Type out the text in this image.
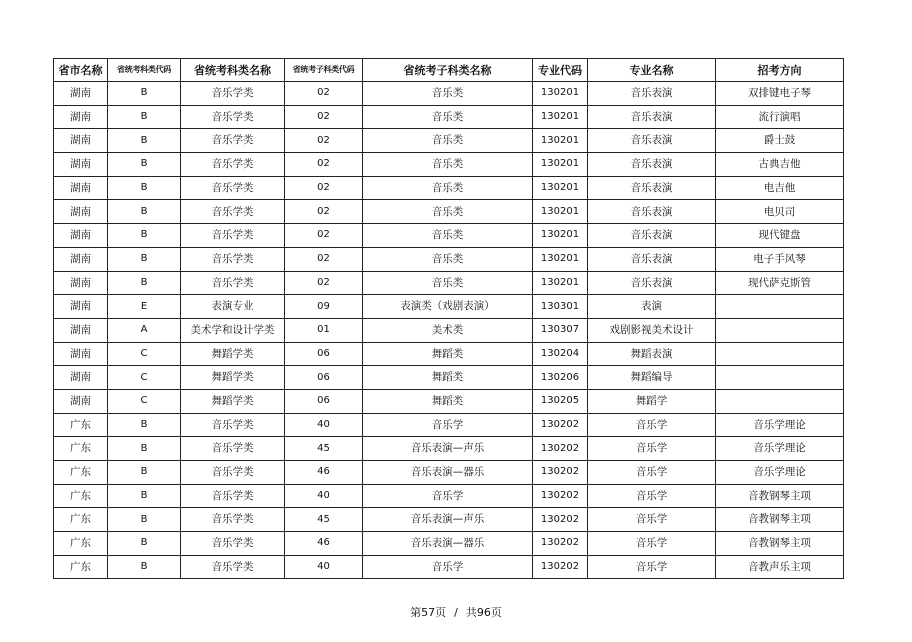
省市名称	省统考科类代码	省统考科类名称	省统考子科类代码	省统考子科类名称	专业代码	专业名称	招考方向
湖南	B	音乐学类	02	音乐类	130201	音乐表演	双排键电子琴
湖南	B	音乐学类	02	音乐类	130201	音乐表演	流行演唱
湖南	B	音乐学类	02	音乐类	130201	音乐表演	爵士鼓
湖南	B	音乐学类	02	音乐类	130201	音乐表演	古典吉他
湖南	B	音乐学类	02	音乐类	130201	音乐表演	电吉他
湖南	B	音乐学类	02	音乐类	130201	音乐表演	电贝司
湖南	B	音乐学类	02	音乐类	130201	音乐表演	现代键盘
湖南	B	音乐学类	02	音乐类	130201	音乐表演	电子手风琴
湖南	B	音乐学类	02	音乐类	130201	音乐表演	现代萨克斯管
湖南	E	表演专业	09	表演类（戏剧表演）	130301	表演	
湖南	A	美术学和设计学类	01	美术类	130307	戏剧影视美术设计	
湖南	C	舞蹈学类	06	舞蹈类	130204	舞蹈表演	
湖南	C	舞蹈学类	06	舞蹈类	130206	舞蹈编导	
湖南	C	舞蹈学类	06	舞蹈类	130205	舞蹈学	
广东	B	音乐学类	40	音乐学	130202	音乐学	音乐学理论
广东	B	音乐学类	45	音乐表演—声乐	130202	音乐学	音乐学理论
广东	B	音乐学类	46	音乐表演—器乐	130202	音乐学	音乐学理论
广东	B	音乐学类	40	音乐学	130202	音乐学	音教钢琴主项
广东	B	音乐学类	45	音乐表演—声乐	130202	音乐学	音教钢琴主项
广东	B	音乐学类	46	音乐表演—器乐	130202	音乐学	音教钢琴主项
广东	B	音乐学类	40	音乐学	130202	音乐学	音教声乐主项
第57页 / 共96页
